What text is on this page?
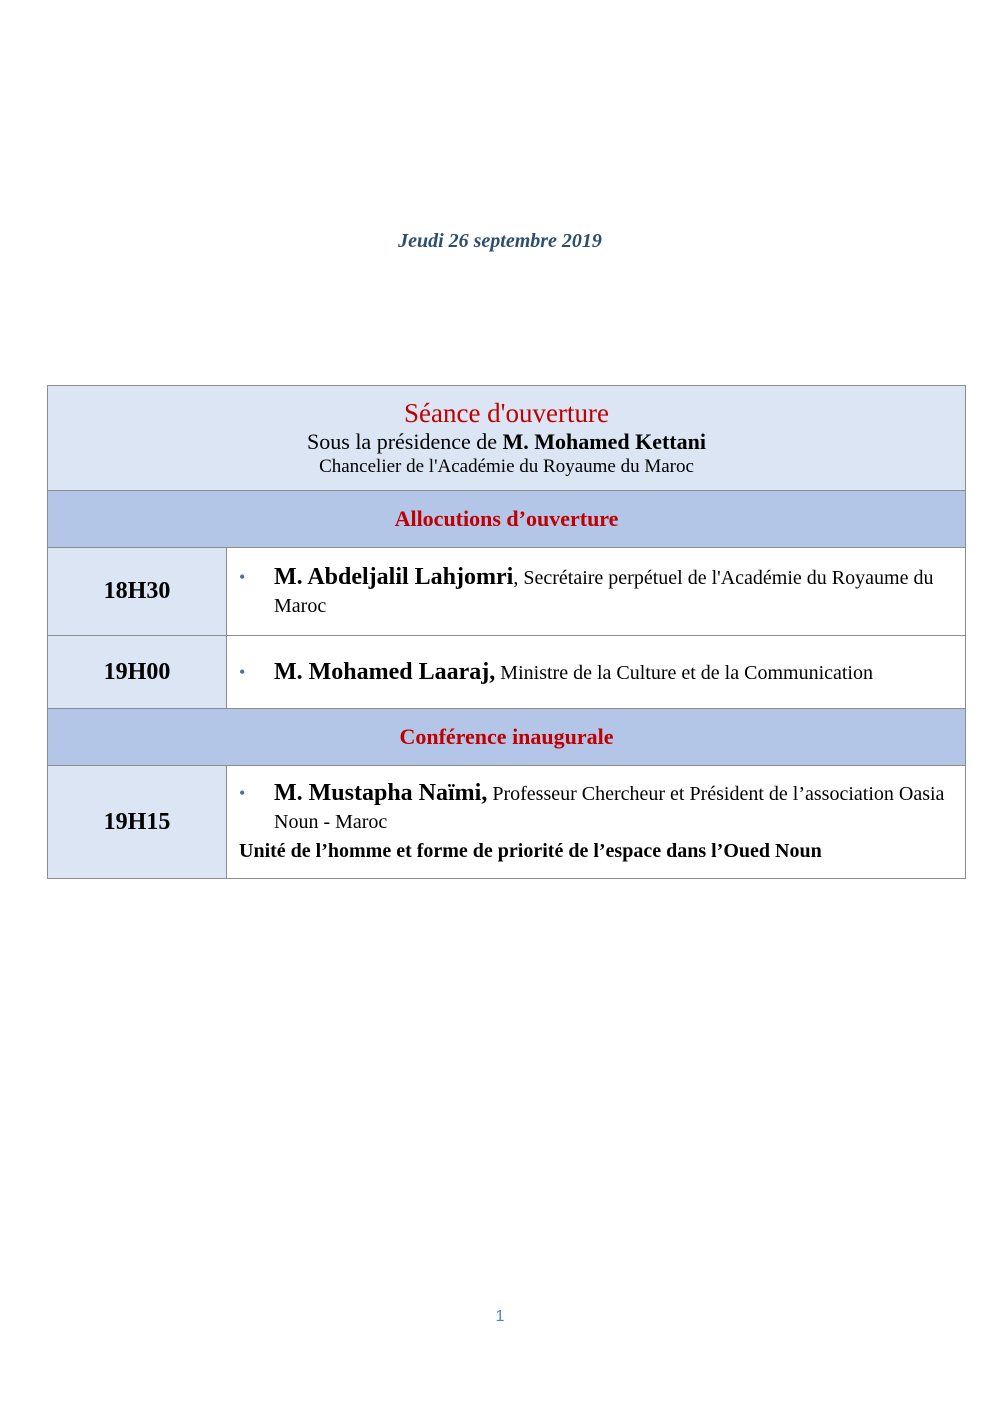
Jeudi 26 septembre 2019
Séance d'ouverture
Sous la présidence de M. Mohamed Kettani
Chancelier de l'Académie du Royaume du Maroc	

Allocutions d’ouverture	
18H30	• M. Abdeljalil Lahjomri, Secrétaire perpétuel de l'Académie du Royaume du Maroc

19H00	• M. Mohamed Laaraj, Ministre de la Culture et de la Communication

Conférence inaugurale	
19H15	• M. Mustapha Naïmi, Professeur Chercheur et Président de l’association Oasia Noun - Maroc
Unité de l’homme et forme de priorité de l’espace dans l’Oued Noun
1
